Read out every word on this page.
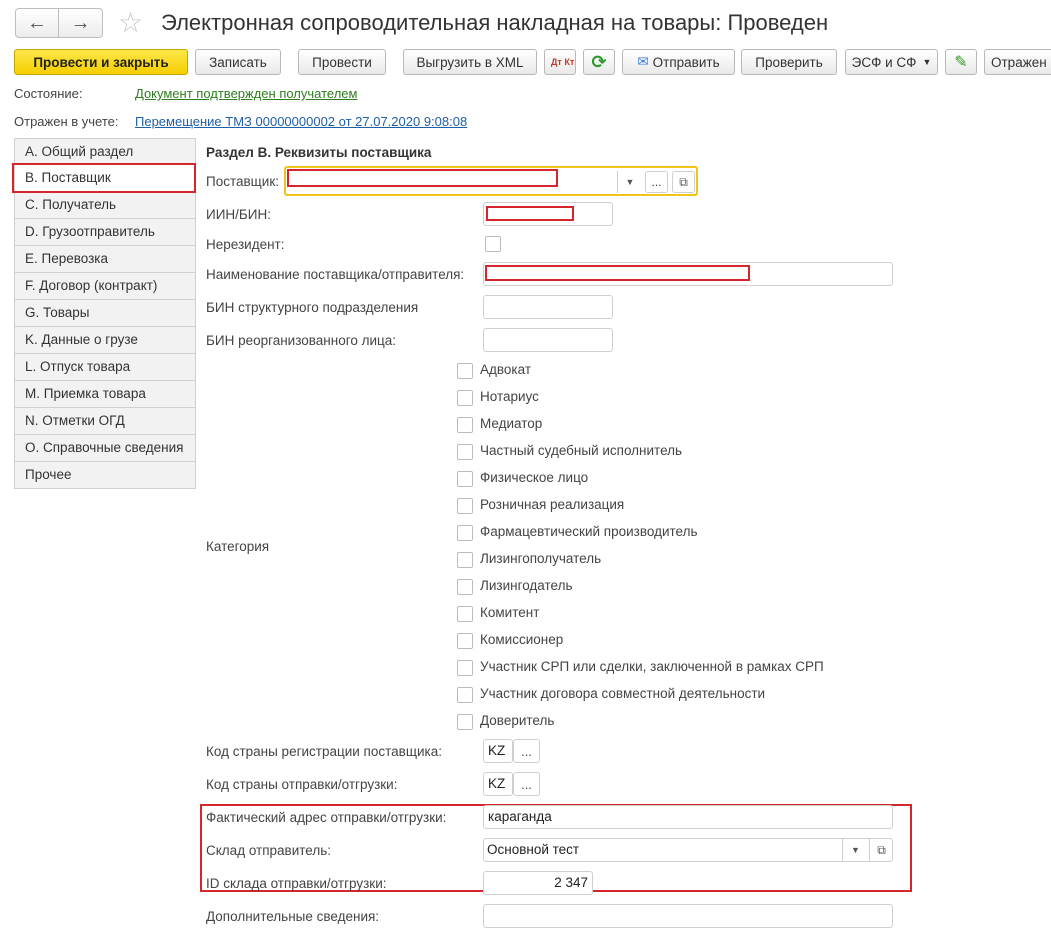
← → ☆ Электронная сопроводительная накладная на товары: Проведен
Провести и закрыть	Записать	Провести	Выгрузить в XML	Дт Кт ⟳ ✉ Отправить	Проверить	ЭСФ и СФ ▼ ✎	Отражен
Состояние:	Документ подтвержден получателем
Отражен в учете: Перемещение ТМЗ 00000000002 от 27.07.2020 9:08:08
A. Общий раздел
B. Поставщик
C. Получатель
D. Грузоотправитель
E. Перевозка
F. Договор (контракт)
G. Товары
K. Данные о грузе
L. Отпуск товара
M. Приемка товара
N. Отметки ОГД
O. Справочные сведения
Прочее
Раздел B. Реквизиты поставщика
Поставщик:	▼	...	⧉
ИИН/БИН:
Нерезидент:
Наименование поставщика/отправителя:
БИН структурного подразделения
БИН реорганизованного лица:
Категория
Адвокат
Нотариус
Медиатор
Частный судебный исполнитель
Физическое лицо
Розничная реализация
Фармацевтический производитель
Лизингополучатель
Лизингодатель
Комитент
Комиссионер
Участник СРП или сделки, заключенной в рамках СРП
Участник договора совместной деятельности
Доверитель
Код страны регистрации поставщика:	KZ	...
Код страны отправки/отгрузки:	KZ	...
Фактический адрес отправки/отгрузки:	караганда
Склад отправитель:	Основной тест	▼	⧉
ID склада отправки/отгрузки:	2 347
Дополнительные сведения:
